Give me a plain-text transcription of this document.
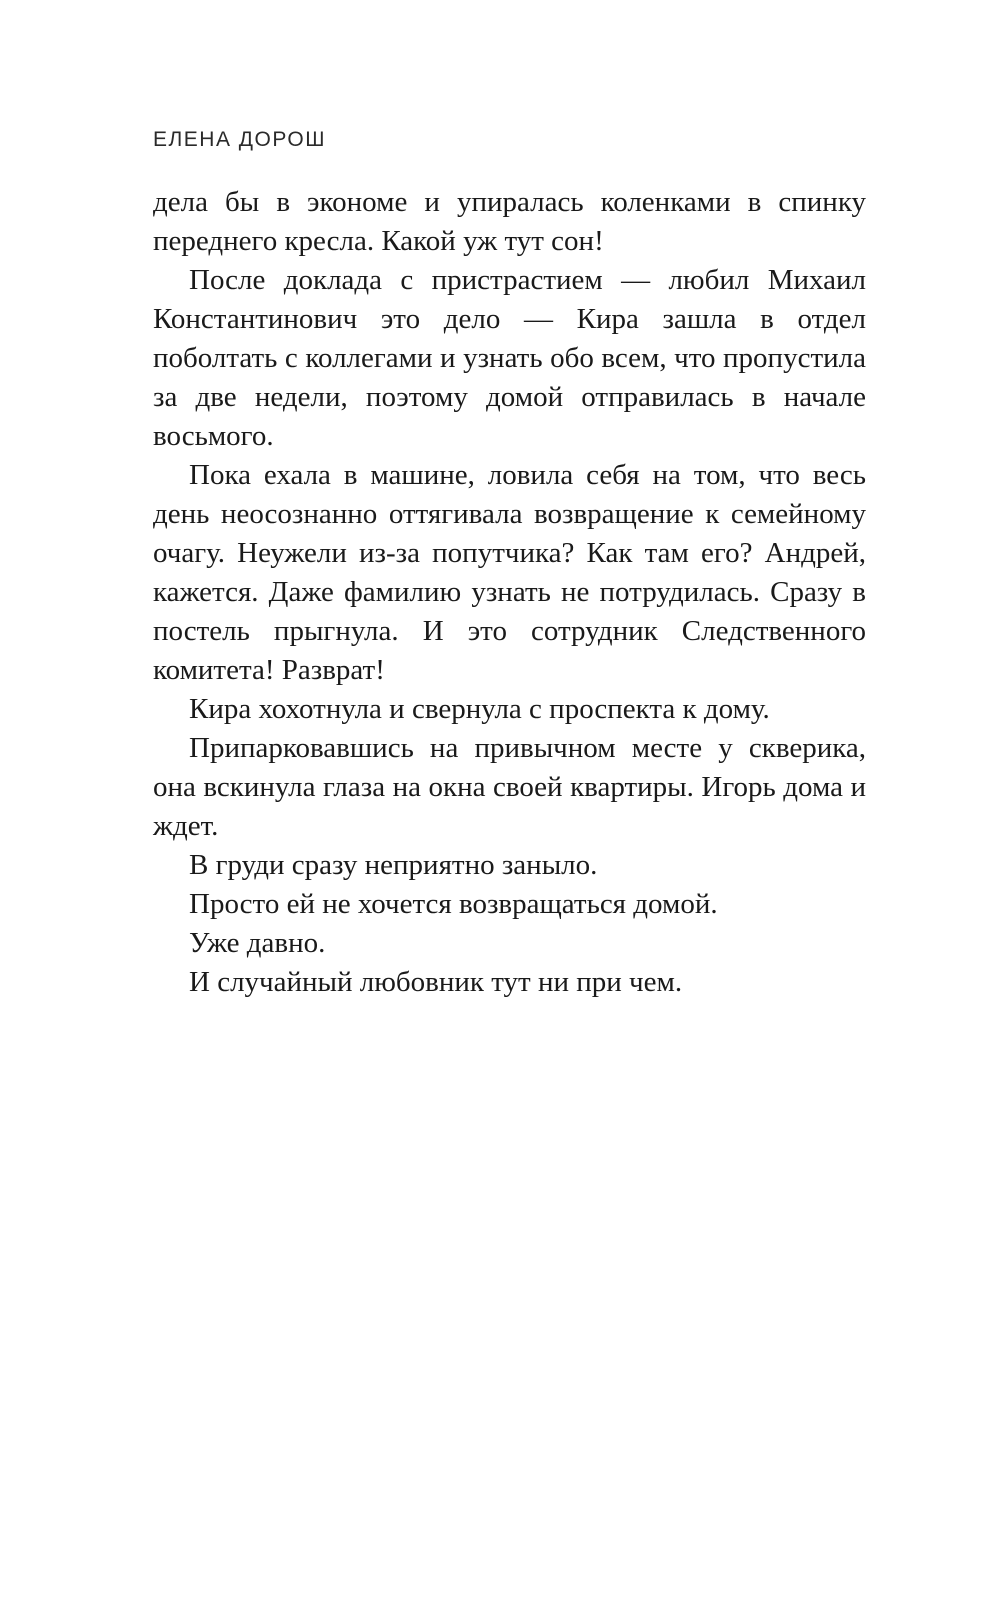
ЕЛЕНА ДОРОШ

дела бы в экономе и упиралась коленками в спинку переднего кресла. Какой уж тут сон!

После доклада с пристрастием — любил Михаил Константинович это дело — Кира зашла в отдел поболтать с коллегами и узнать обо всем, что пропустила за две недели, поэтому домой отправилась в начале восьмого.

Пока ехала в машине, ловила себя на том, что весь день неосознанно оттягивала возвращение к семейному очагу. Неужели из-за попутчика? Как там его? Андрей, кажется. Даже фамилию узнать не потрудилась. Сразу в постель прыгнула. И это сотрудник Следственного комитета! Разврат!

Кира хохотнула и свернула с проспекта к дому.

Припарковавшись на привычном месте у скверика, она вскинула глаза на окна своей квартиры. Игорь дома и ждет.

В груди сразу неприятно заныло.

Просто ей не хочется возвращаться домой.

Уже давно.

И случайный любовник тут ни при чем.
